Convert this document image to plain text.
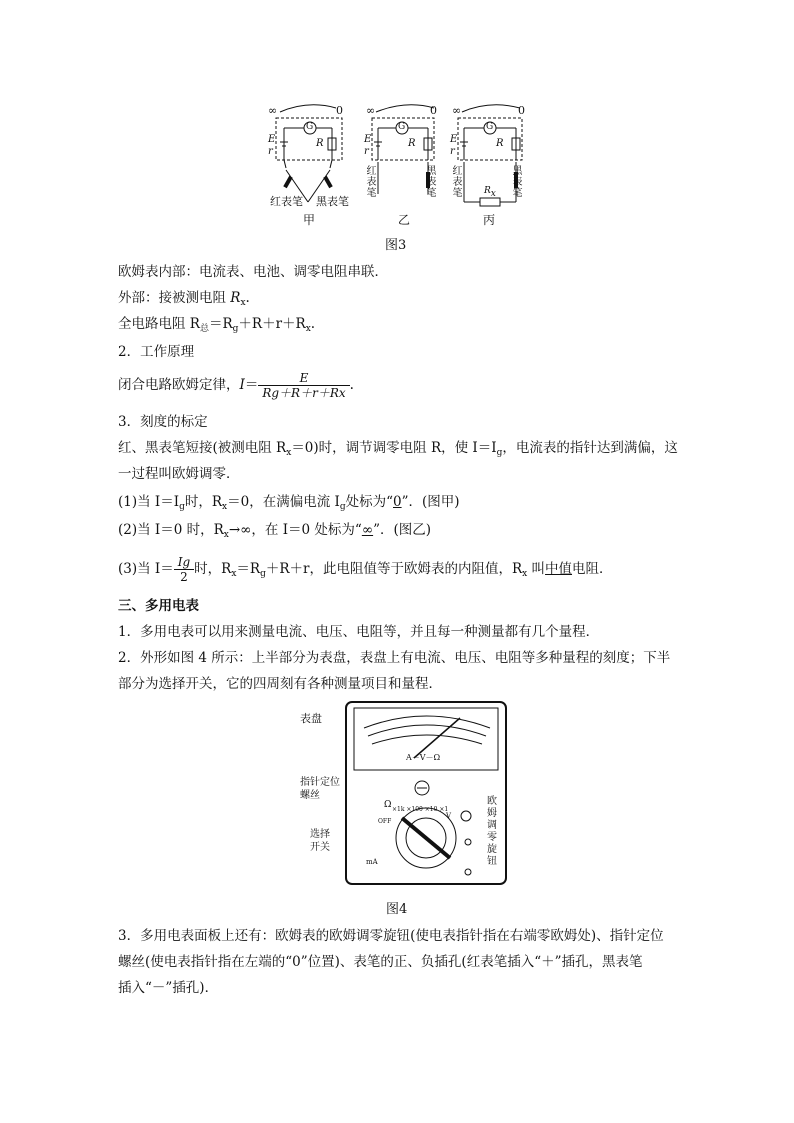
∞	0 ∞	0 ∞	0
G	G	G
E
r
R	E
r
R	E
r
R
Rx
红表笔 黑表笔
红表笔
黑表笔
红表笔
黑表笔
甲	乙	丙
图3
欧姆表内部：电流表、电池、调零电阻串联．
外部：接被测电阻 $R_x$.
全电路电阻 $R_总=R_g+R+r+R_x$.
2．工作原理
闭合电路欧姆定律，$I= \frac{E}{Rg+R+r+Rx}$ .
3．刻度的标定
红、黑表笔短接(被测电阻 $R_x=0$)时，调节调零电阻 R，使 $I=I_g$，电流表的指针达到满偏，这
一过程叫欧姆调零．
(1)当 $I=I_g$时，$R_x=0$，在满偏电流 $I_g$处标为“0”．(图甲)
(2)当 I＝0 时，$R_x\to\infty$，在 I＝0 处标为“∞”．(图乙)
(3)当 $I= \frac{Ig}{2}$ 时，$R_x=R_g+R+r$，此电阻值等于欧姆表的内阻值，$R_x$ 叫中值电阻．
三、多用电表
1．多用电表可以用来测量电流、电压、电阻等，并且每一种测量都有几个量程．
2．外形如图 4 所示：上半部分为表盘，表盘上有电流、电压、电阻等多种量程的刻度；下半
部分为选择开关，它的四周刻有各种测量项目和量程．
表盘
A－V－Ω
指针定位螺丝
×1k ×100 ×10 ×1
Ω
OFF
选择开关
mA
V
欧姆调零旋钮
图4
3．多用电表面板上还有：欧姆表的欧姆调零旋钮(使电表指针指在右端零欧姆处)、指针定位
螺丝(使电表指针指在左端的“0”位置)、表笔的正、负插孔(红表笔插入“＋”插孔，黑表笔
插入“－”插孔)．
